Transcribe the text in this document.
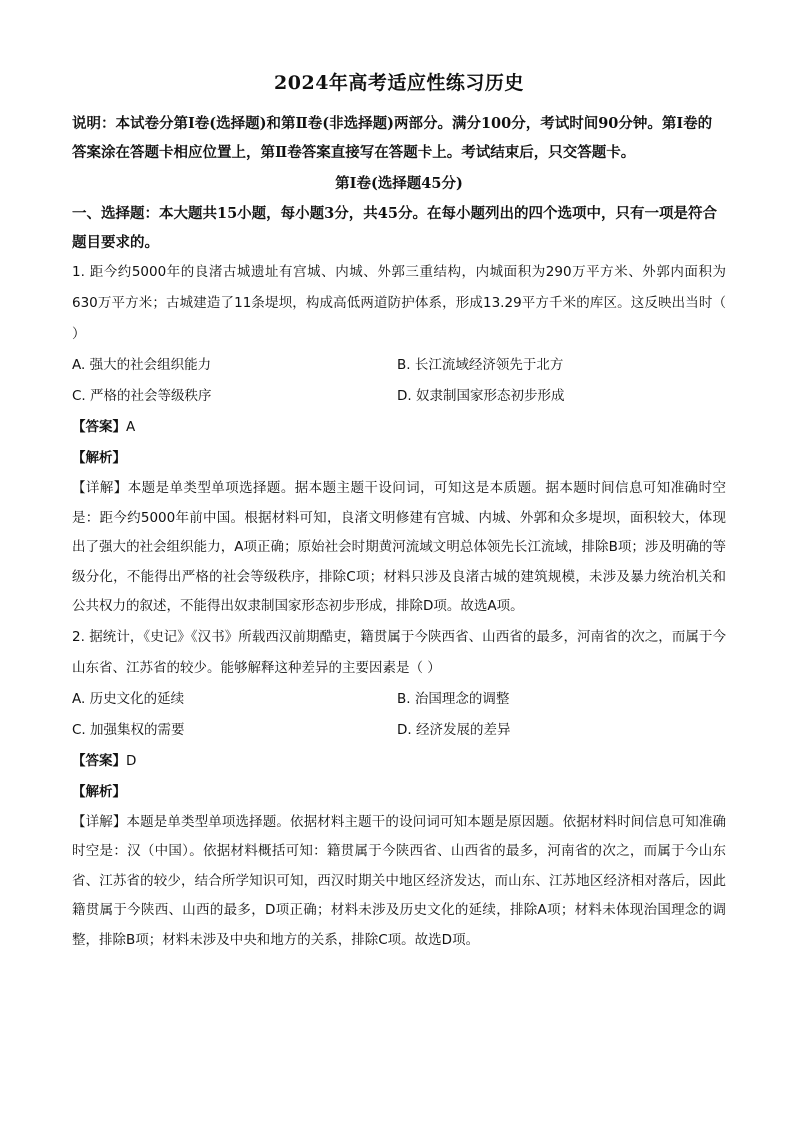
2024年高考适应性练习历史
说明：本试卷分第Ⅰ卷(选择题)和第Ⅱ卷(非选择题)两部分。满分100分，考试时间90分钟。第Ⅰ卷的答案涂在答题卡相应位置上，第Ⅱ卷答案直接写在答题卡上。考试结束后，只交答题卡。
第Ⅰ卷(选择题45分)
一、选择题：本大题共15小题，每小题3分，共45分。在每小题列出的四个选项中，只有一项是符合题目要求的。
1. 距今约5000年的良渚古城遗址有宫城、内城、外郭三重结构，内城面积为290万平方米、外郭内面积为630万平方米；古城建造了11条堤坝，构成高低两道防护体系，形成13.29平方千米的库区。这反映出当时（ ）
A. 强大的社会组织能力	B. 长江流域经济领先于北方
C. 严格的社会等级秩序	D. 奴隶制国家形态初步形成
【答案】A
【解析】
【详解】本题是单类型单项选择题。据本题主题干设问词，可知这是本质题。据本题时间信息可知准确时空是：距今约5000年前中国。根据材料可知，良渚文明修建有宫城、内城、外郭和众多堤坝，面积较大，体现出了强大的社会组织能力，A项正确；原始社会时期黄河流域文明总体领先长江流域，排除B项；涉及明确的等级分化，不能得出严格的社会等级秩序，排除C项；材料只涉及良渚古城的建筑规模，未涉及暴力统治机关和公共权力的叙述，不能得出奴隶制国家形态初步形成，排除D项。故选A项。
2. 据统计，《史记》《汉书》所载西汉前期酷吏，籍贯属于今陕西省、山西省的最多，河南省的次之，而属于今山东省、江苏省的较少。能够解释这种差异的主要因素是（ ）
A. 历史文化的延续	B. 治国理念的调整
C. 加强集权的需要	D. 经济发展的差异
【答案】D
【解析】
【详解】本题是单类型单项选择题。依据材料主题干的设问词可知本题是原因题。依据材料时间信息可知准确时空是：汉（中国）。依据材料概括可知：籍贯属于今陕西省、山西省的最多，河南省的次之，而属于今山东省、江苏省的较少，结合所学知识可知，西汉时期关中地区经济发达，而山东、江苏地区经济相对落后，因此籍贯属于今陕西、山西的最多，D项正确；材料未涉及历史文化的延续，排除A项；材料未体现治国理念的调整，排除B项；材料未涉及中央和地方的关系，排除C项。故选D项。
